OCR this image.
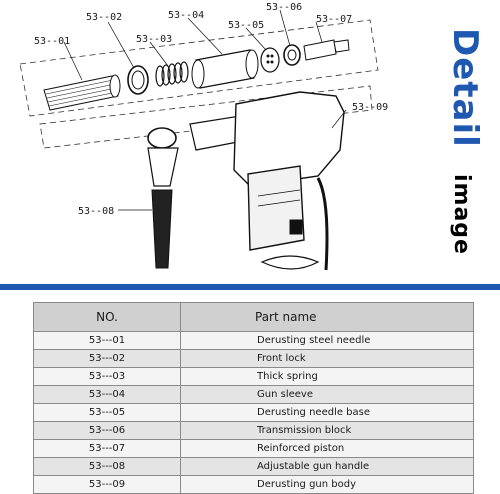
53--01
53--02
53--03
53--04
53--05
53--06
53--07
53--08
53--09 Detail
image
NO.	Part name
53---01	Derusting steel needle
53---02	Front lock
53---03	Thick spring
53---04	Gun sleeve
53---05	Derusting needle base
53---06	Transmission block
53---07	Reinforced piston
53---08	Adjustable gun handle
53---09	Derusting gun body
